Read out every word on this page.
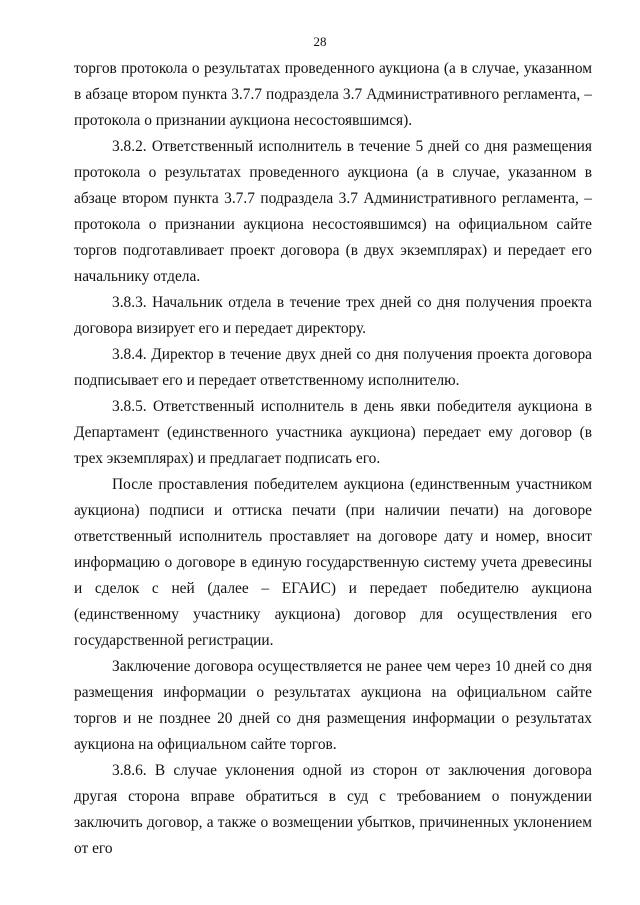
28

торгов протокола о результатах проведенного аукциона (а в случае, указанном в абзаце втором пункта 3.7.7 подраздела 3.7 Административного регламента, – протокола о признании аукциона несостоявшимся).

3.8.2. Ответственный исполнитель в течение 5 дней со дня размещения протокола о результатах проведенного аукциона (а в случае, указанном в абзаце втором пункта 3.7.7 подраздела 3.7 Административного регламента, – протокола о признании аукциона несостоявшимся) на официальном сайте торгов подготавливает проект договора (в двух экземплярах) и передает его начальнику отдела.

3.8.3. Начальник отдела в течение трех дней со дня получения проекта договора визирует его и передает директору.

3.8.4. Директор в течение двух дней со дня получения проекта договора подписывает его и передает ответственному исполнителю.

3.8.5. Ответственный исполнитель в день явки победителя аукциона в Департамент (единственного участника аукциона) передает ему договор (в трех экземплярах) и предлагает подписать его.

После проставления победителем аукциона (единственным участником аукциона) подписи и оттиска печати (при наличии печати) на договоре ответственный исполнитель проставляет на договоре дату и номер, вносит информацию о договоре в единую государственную систему учета древесины и сделок с ней (далее – ЕГАИС) и передает победителю аукциона (единственному участнику аукциона) договор для осуществления его государственной регистрации.

Заключение договора осуществляется не ранее чем через 10 дней со дня размещения информации о результатах аукциона на официальном сайте торгов и не позднее 20 дней со дня размещения информации о результатах аукциона на официальном сайте торгов.

3.8.6. В случае уклонения одной из сторон от заключения договора другая сторона вправе обратиться в суд с требованием о понуждении заключить договор, а также о возмещении убытков, причиненных уклонением от его
